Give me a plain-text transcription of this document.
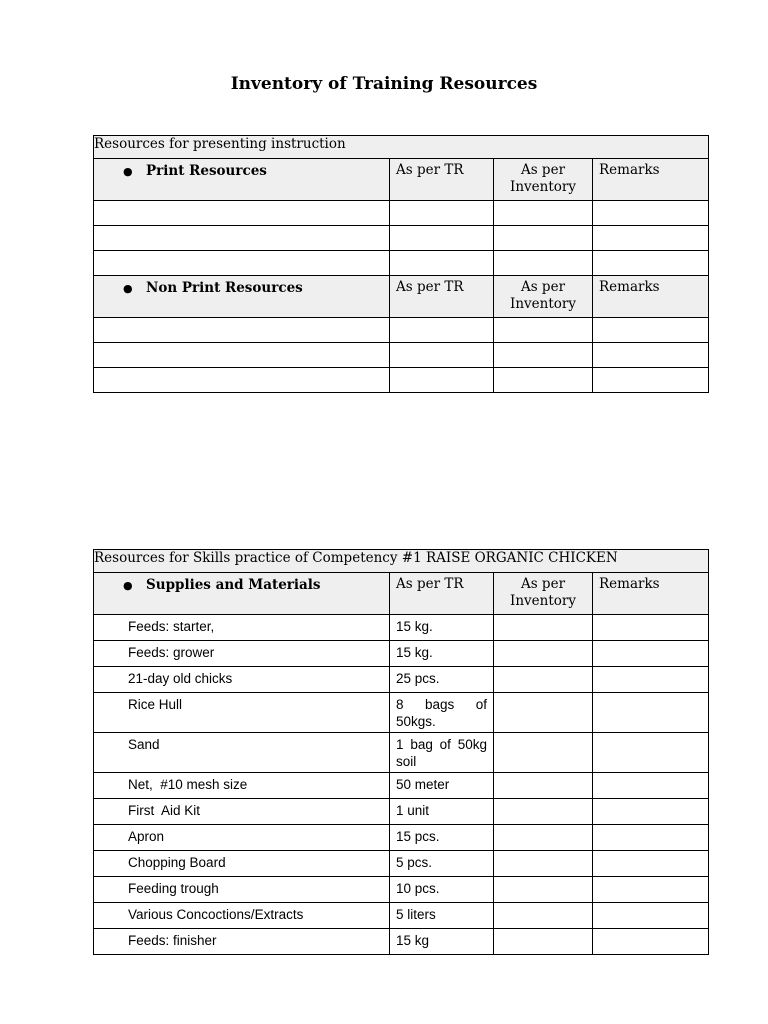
Inventory of Training Resources
Resources for presenting instruction			
● Print Resources	As per TR	As per Inventory	Remarks

● Non Print Resources	As per TR	As per Inventory	Remarks

Resources for Skills practice of Competency #1 RAISE ORGANIC CHICKEN			
● Supplies and Materials	As per TR	As per Inventory	Remarks
Feeds: starter,	15 kg.		
Feeds: grower	15 kg.		
21-day old chicks	25 pcs.		
Rice Hull	8 bags of 50kgs.		
Sand	1 bag of 50kg soil		
Net,  #10 mesh size	50 meter		
First  Aid Kit	1 unit		
Apron	15 pcs.		
Chopping Board	5 pcs.		
Feeding trough	10 pcs.		
Various Concoctions/Extracts	5 liters		
Feeds: finisher	15 kg		
